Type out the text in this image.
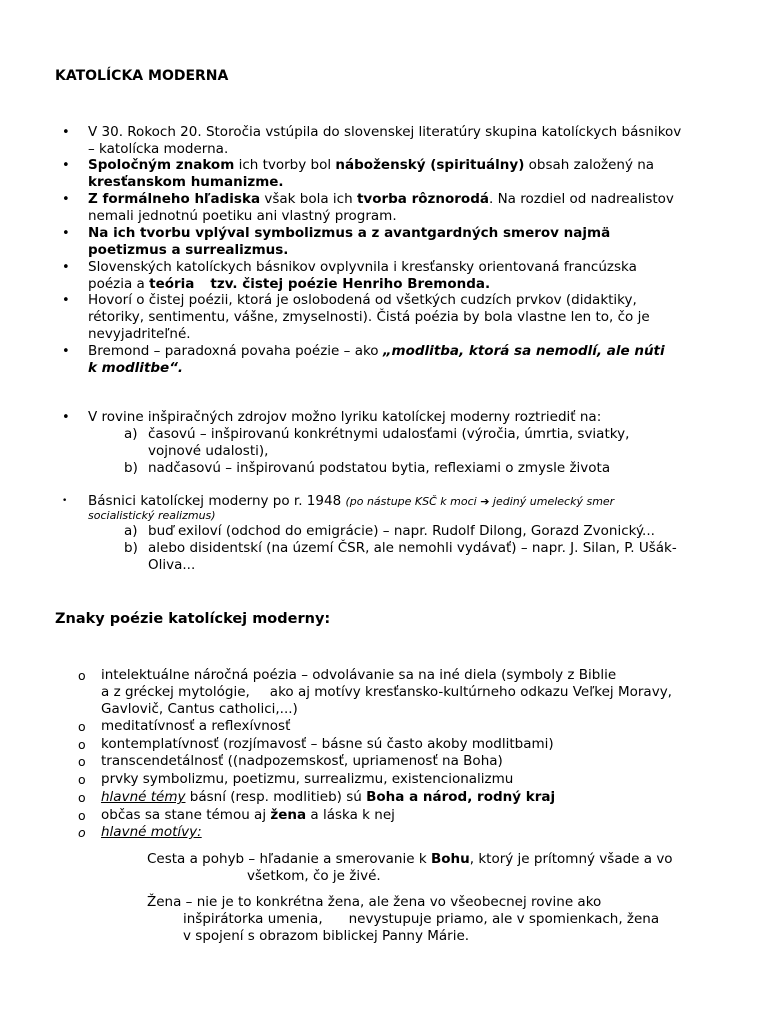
KATOLÍCKA MODERNA
• V 30. Rokoch 20. Storočia vstúpila do slovenskej literatúry skupina katolíckych básnikov
– katolícka moderna.
• Spoločným znakom ich tvorby bol náboženský (spirituálny) obsah založený na
kresťanskom humanizme.
• Z formálneho hľadiska však bola ich tvorba rôznorodá. Na rozdiel od nadrealistov
nemali jednotnú poetiku ani vlastný program.
• Na ich tvorbu vplýval symbolizmus a z avantgardných smerov najmä
poetizmus a surrealizmus.
• Slovenských katolíckych básnikov ovplyvnila i kresťansky orientovaná francúzska
poézia a teória tzv. čistej poézie Henriho Bremonda.
• Hovorí o čistej poézii, ktorá je oslobodená od všetkých cudzích prvkov (didaktiky,
rétoriky, sentimentu, vášne, zmyselnosti). Čistá poézia by bola vlastne len to, čo je
nevyjadriteľné.
• Bremond – paradoxná povaha poézie – ako „modlitba, ktorá sa nemodlí, ale núti
k modlitbe“.
• V rovine inšpiračných zdrojov možno lyriku katolíckej moderny roztriediť na:
a) časovú – inšpirovanú konkrétnymi udalosťami (výročia, úmrtia, sviatky,
vojnové udalosti),
b) nadčasovú – inšpirovanú podstatou bytia, reflexiami o zmysle života
• Básnici katolíckej moderny po r. 1948 (po nástupe KSČ k moci ➔ jediný umelecký smer
socialistický realizmus)
a) buď exiloví (odchod do emigrácie) – napr. Rudolf Dilong, Gorazd Zvonický...
b) alebo disidentskí (na území ČSR, ale nemohli vydávať) – napr. J. Silan, P. Ušák-
Oliva...
Znaky poézie katolíckej moderny:
o intelektuálne náročná poézia – odvolávanie sa na iné diela (symboly z Biblie
a z gréckej mytológie, ako aj motívy kresťansko-kultúrneho odkazu Veľkej Moravy,
Gavlovič, Cantus catholici,...)
o meditatívnosť a reflexívnosť
o kontemplatívnosť (rozjímavosť – básne sú často akoby modlitbami)
o transcendetálnosť ((nadpozemskosť, upriamenosť na Boha)
o prvky symbolizmu, poetizmu, surrealizmu, existencionalizmu
o hlavné témy básní (resp. modlitieb) sú Boha a národ, rodný kraj
o občas sa stane témou aj žena a láska k nej
o hlavné motívy:
Cesta a pohyb – hľadanie a smerovanie k Bohu, ktorý je prítomný všade a vo
všetkom, čo je živé.
Žena – nie je to konkrétna žena, ale žena vo všeobecnej rovine ako
inšpirátorka umenia, nevystupuje priamo, ale v spomienkach, žena
v spojení s obrazom biblickej Panny Márie.
